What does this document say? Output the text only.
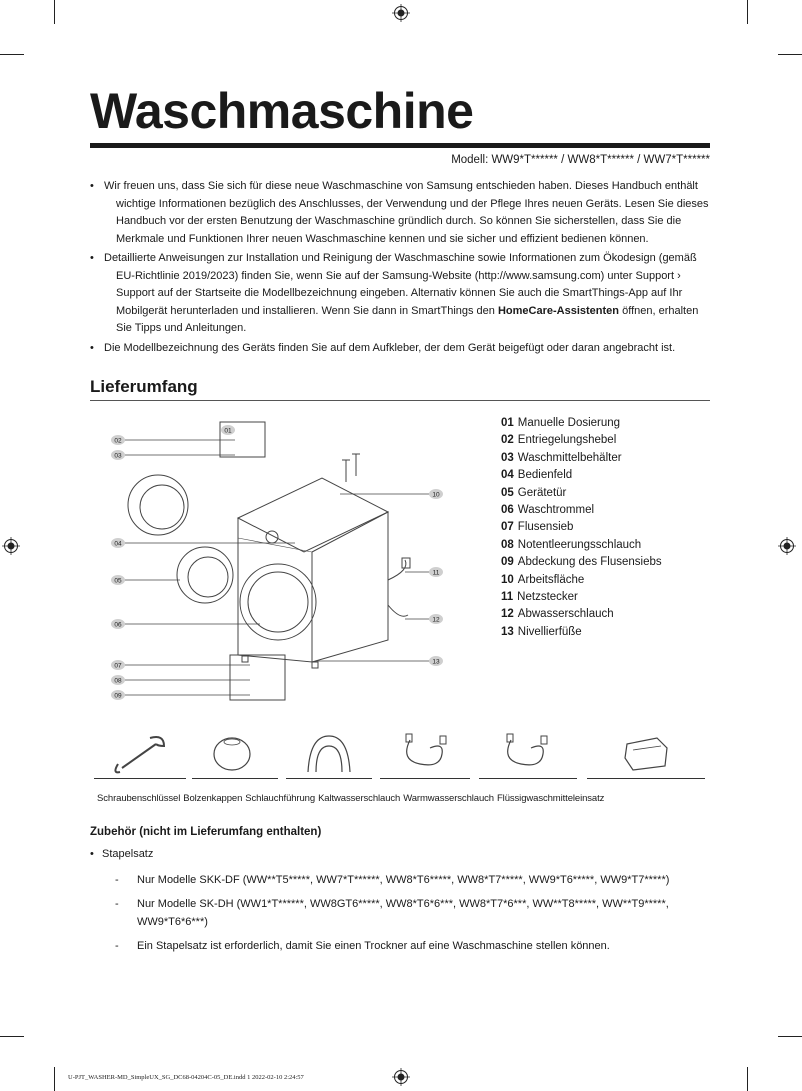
Waschmaschine
Modell: WW9*T****** / WW8*T****** / WW7*T******
• Wir freuen uns, dass Sie sich für diese neue Waschmaschine von Samsung entschieden haben. Dieses Handbuch enthält wichtige Informationen bezüglich des Anschlusses, der Verwendung und der Pflege Ihres neuen Geräts. Lesen Sie dieses Handbuch vor der ersten Benutzung der Waschmaschine gründlich durch. So können Sie sicherstellen, dass Sie die Merkmale und Funktionen Ihrer neuen Waschmaschine kennen und sie sicher und effizient bedienen können.
• Detaillierte Anweisungen zur Installation und Reinigung der Waschmaschine sowie Informationen zum Ökodesign (gemäß EU-Richtlinie 2019/2023) finden Sie, wenn Sie auf der Samsung-Website (http://www.samsung.com) unter Support › Support auf der Startseite die Modellbezeichnung eingeben. Alternativ können Sie auch die SmartThings-App auf Ihr Mobilgerät herunterladen und installieren. Wenn Sie dann in SmartThings den HomeCare-Assistenten öffnen, erhalten Sie Tipps und Anleitungen.
• Die Modellbezeichnung des Geräts finden Sie auf dem Aufkleber, der dem Gerät beigefügt oder daran angebracht ist.
Lieferumfang
01
02
03
04
05
06
07
08
09
10
11
12
13
01 Manuelle Dosierung
02 Entriegelungshebel
03 Waschmittelbehälter
04 Bedienfeld
05 Gerätetür
06 Waschtrommel
07 Flusensieb
08 Notentleerungsschlauch
09 Abdeckung des Flusensiebs
10 Arbeitsfläche
11 Netzstecker
12 Abwasserschlauch
13 Nivellierfüße
Schraubenschlüssel Bolzenkappen Schlauchführung Kaltwasserschlauch Warmwasserschlauch Flüssigwaschmitteleinsatz
Zubehör (nicht im Lieferumfang enthalten)
• Stapelsatz
- Nur Modelle SKK-DF (WW**T5*****, WW7*T******, WW8*T6*****, WW8*T7*****, WW9*T6*****, WW9*T7*****)
- Nur Modelle SK-DH (WW1*T******, WW8GT6*****, WW8*T6*6***, WW8*T7*6***, WW**T8*****, WW**T9*****, WW9*T6*6***)
- Ein Stapelsatz ist erforderlich, damit Sie einen Trockner auf eine Waschmaschine stellen können.
U-PJT_WASHER-MD_SimpleUX_SG_DC68-04204C-05_DE.indd 1 2022-02-10 2:24:57
